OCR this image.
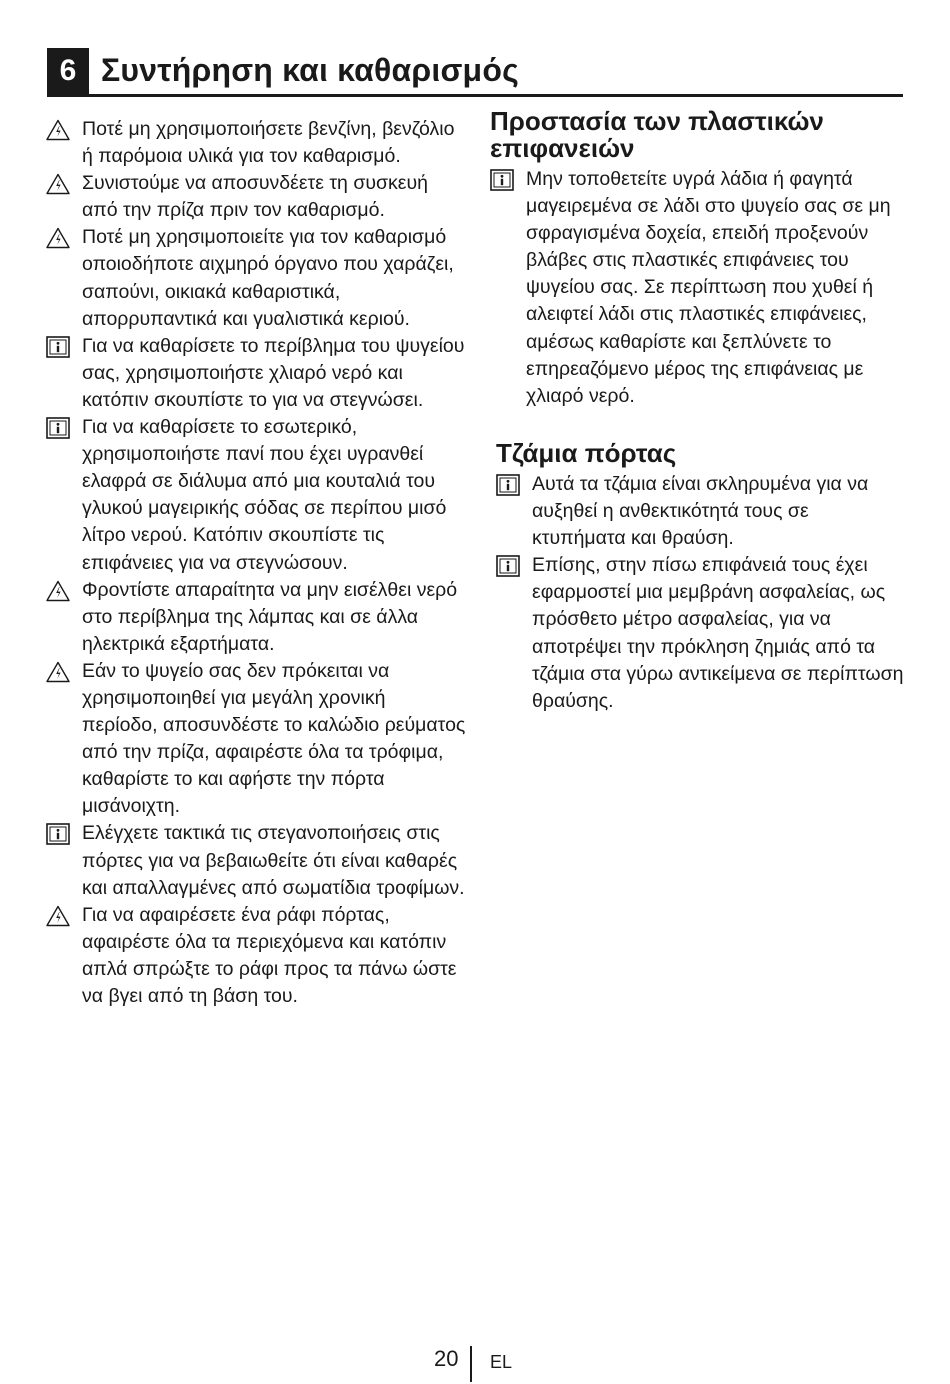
6 Συντήρηση και καθαρισμός
Ποτέ μη χρησιμοποιήσετε βενζίνη, βενζόλιο ή παρόμοια υλικά για τον καθαρισμό.
Συνιστούμε να αποσυνδέετε τη συσκευή από την πρίζα πριν τον καθαρισμό.
Ποτέ μη χρησιμοποιείτε για τον καθαρισμό οποιοδήποτε αιχμηρό όργανο που χαράζει, σαπούνι, οικιακά καθαριστικά, απορρυπαντικά και γυαλιστικά κεριού.
Για να καθαρίσετε το περίβλημα του ψυγείου σας, χρησιμοποιήστε χλιαρό νερό και κατόπιν σκουπίστε το για να στεγνώσει.
Για να καθαρίσετε το εσωτερικό, χρησιμοποιήστε πανί που έχει υγρανθεί ελαφρά σε διάλυμα από μια κουταλιά του γλυκού μαγειρικής σόδας σε περίπου μισό λίτρο νερού. Κατόπιν σκουπίστε τις επιφάνειες για να στεγνώσουν.
Φροντίστε απαραίτητα να μην εισέλθει νερό στο περίβλημα της λάμπας και σε άλλα ηλεκτρικά εξαρτήματα.
Εάν το ψυγείο σας δεν πρόκειται να χρησιμοποιηθεί για μεγάλη χρονική περίοδο, αποσυνδέστε το καλώδιο ρεύματος από την πρίζα, αφαιρέστε όλα τα τρόφιμα, καθαρίστε το και αφήστε την πόρτα μισάνοιχτη.
Ελέγχετε τακτικά τις στεγανοποιήσεις στις πόρτες για να βεβαιωθείτε ότι είναι καθαρές και απαλλαγμένες από σωματίδια τροφίμων.
Για να αφαιρέσετε ένα ράφι πόρτας, αφαιρέστε όλα τα περιεχόμενα και κατόπιν απλά σπρώξτε το ράφι προς τα πάνω ώστε να βγει από τη βάση του.
Προστασία των πλαστικών επιφανειών
Μην τοποθετείτε υγρά λάδια ή φαγητά μαγειρεμένα σε λάδι στο ψυγείο σας σε μη σφραγισμένα δοχεία, επειδή προξενούν βλάβες στις πλαστικές επιφάνειες του ψυγείου σας. Σε περίπτωση που χυθεί ή αλειφτεί λάδι στις πλαστικές επιφάνειες, αμέσως καθαρίστε και ξεπλύνετε το επηρεαζόμενο μέρος της επιφάνειας με χλιαρό νερό.
Τζάμια πόρτας
Αυτά τα τζάμια είναι σκληρυμένα για να αυξηθεί η ανθεκτικότητά τους σε κτυπήματα και θραύση.
Επίσης, στην πίσω επιφάνειά τους έχει εφαρμοστεί μια μεμβράνη ασφαλείας, ως πρόσθετο μέτρο ασφαλείας, για να αποτρέψει την πρόκληση ζημιάς από τα τζάμια στα γύρω αντικείμενα σε περίπτωση θραύσης.
20 EL
